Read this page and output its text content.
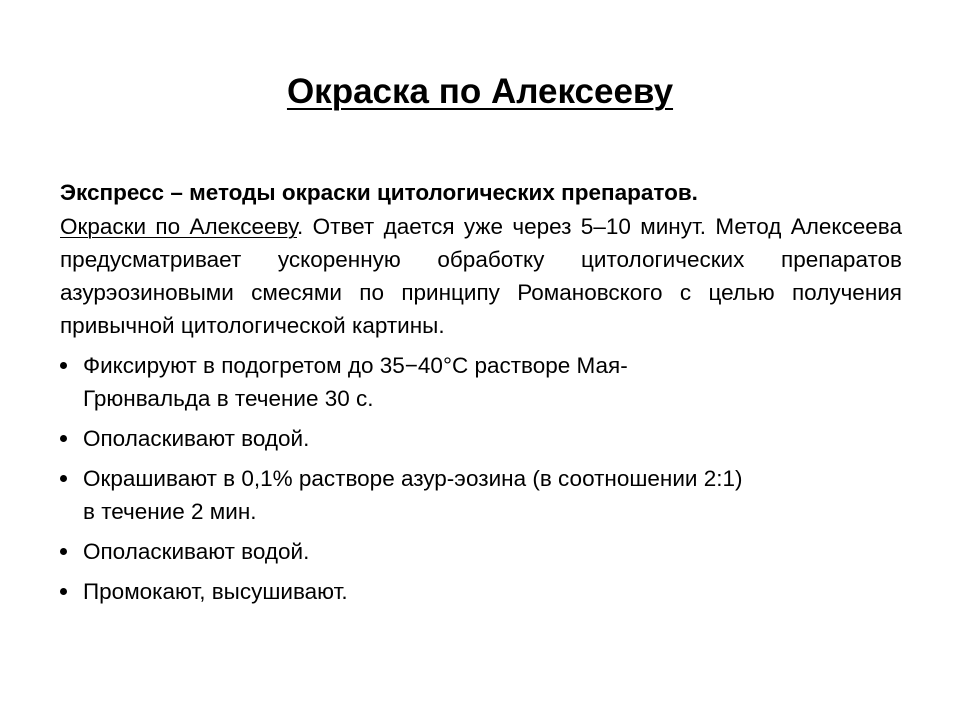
Окраска по Алексееву

Экспресс – методы окраски цитологических препаратов.

Окраски по Алексееву. Ответ дается уже через 5–10 минут. Метод Алексеева предусматривает ускоренную обработку цитологических препаратов азурэозиновыми смесями по принципу Романовского с целью получения привычной цитологической картины.

Фиксируют в подогретом до 35−40°С растворе Мая-
Грюнвальда в течение 30 с.
Ополаскивают водой.
Окрашивают в 0,1% растворе азур-эозина (в соотношении 2:1)
в течение 2 мин.
Ополаскивают водой.
Промокают, высушивают.
